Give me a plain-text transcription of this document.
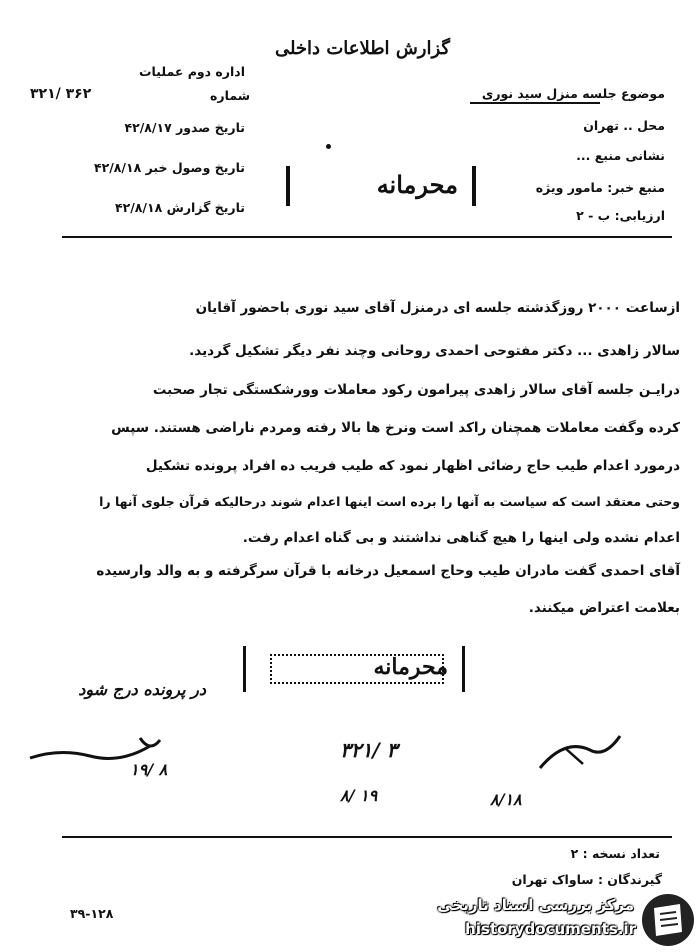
گزارش اطلاعات داخلی
اداره دوم عملیات
۳۲۱/ ۳۶۲	شماره
تاریخ صدور ۴۲/۸/۱۷
تاریخ وصول خبر ۴۲/۸/۱۸
تاریخ گزارش ۴۲/۸/۱۸
موضوع جلسه منزل سید نوری
محل .. تهران
نشانی منبع ...
منبع خبر: مامور ویژه
ارزیابی: ب - ۲
محرمانه
ازساعت ۲۰۰۰ روزگذشته جلسه ای درمنزل آقای سید نوری باحضور آقایان
سالار زاهدی ... دکتر مفتوحی احمدی روحانی وچند نفر دیگر تشکیل گردید.
درایـن جلسه آقای سالار زاهدی پیرامون رکود معاملات وورشکستگی تجار صحبت
کرده وگفت معاملات همچنان راکد است ونرخ ها بالا رفته ومردم ناراضی هستند. سپس
درمورد اعدام طیب حاج رضائی اظهار نمود که طیب فریب ده افراد پرونده تشکیل
وحتی معتقد است که سیاست به آنها را برده است اینها اعدام شوند درحالیکه قرآن جلوی آنها را
اعدام نشده ولی اینها را هیچ گناهی نداشتند و بی گناه اعدام رفت.
آقای احمدی گفت مادران طیب وحاج اسمعیل درخانه با قرآن سرگرفته و به والد وارسیده
بعلامت اعتراض میکنند.
محرمانه
در پرونده درج شود
۱۹/ ۸
۳۲۱/ ۳
۸/ ۱۹	۸/۱۸
تعداد نسخه : ۲
گیرندگان : ساواک تهران
۳۹-۱۲۸	مرکز بررسی اسناد تاریخی
historydocuments.ir
